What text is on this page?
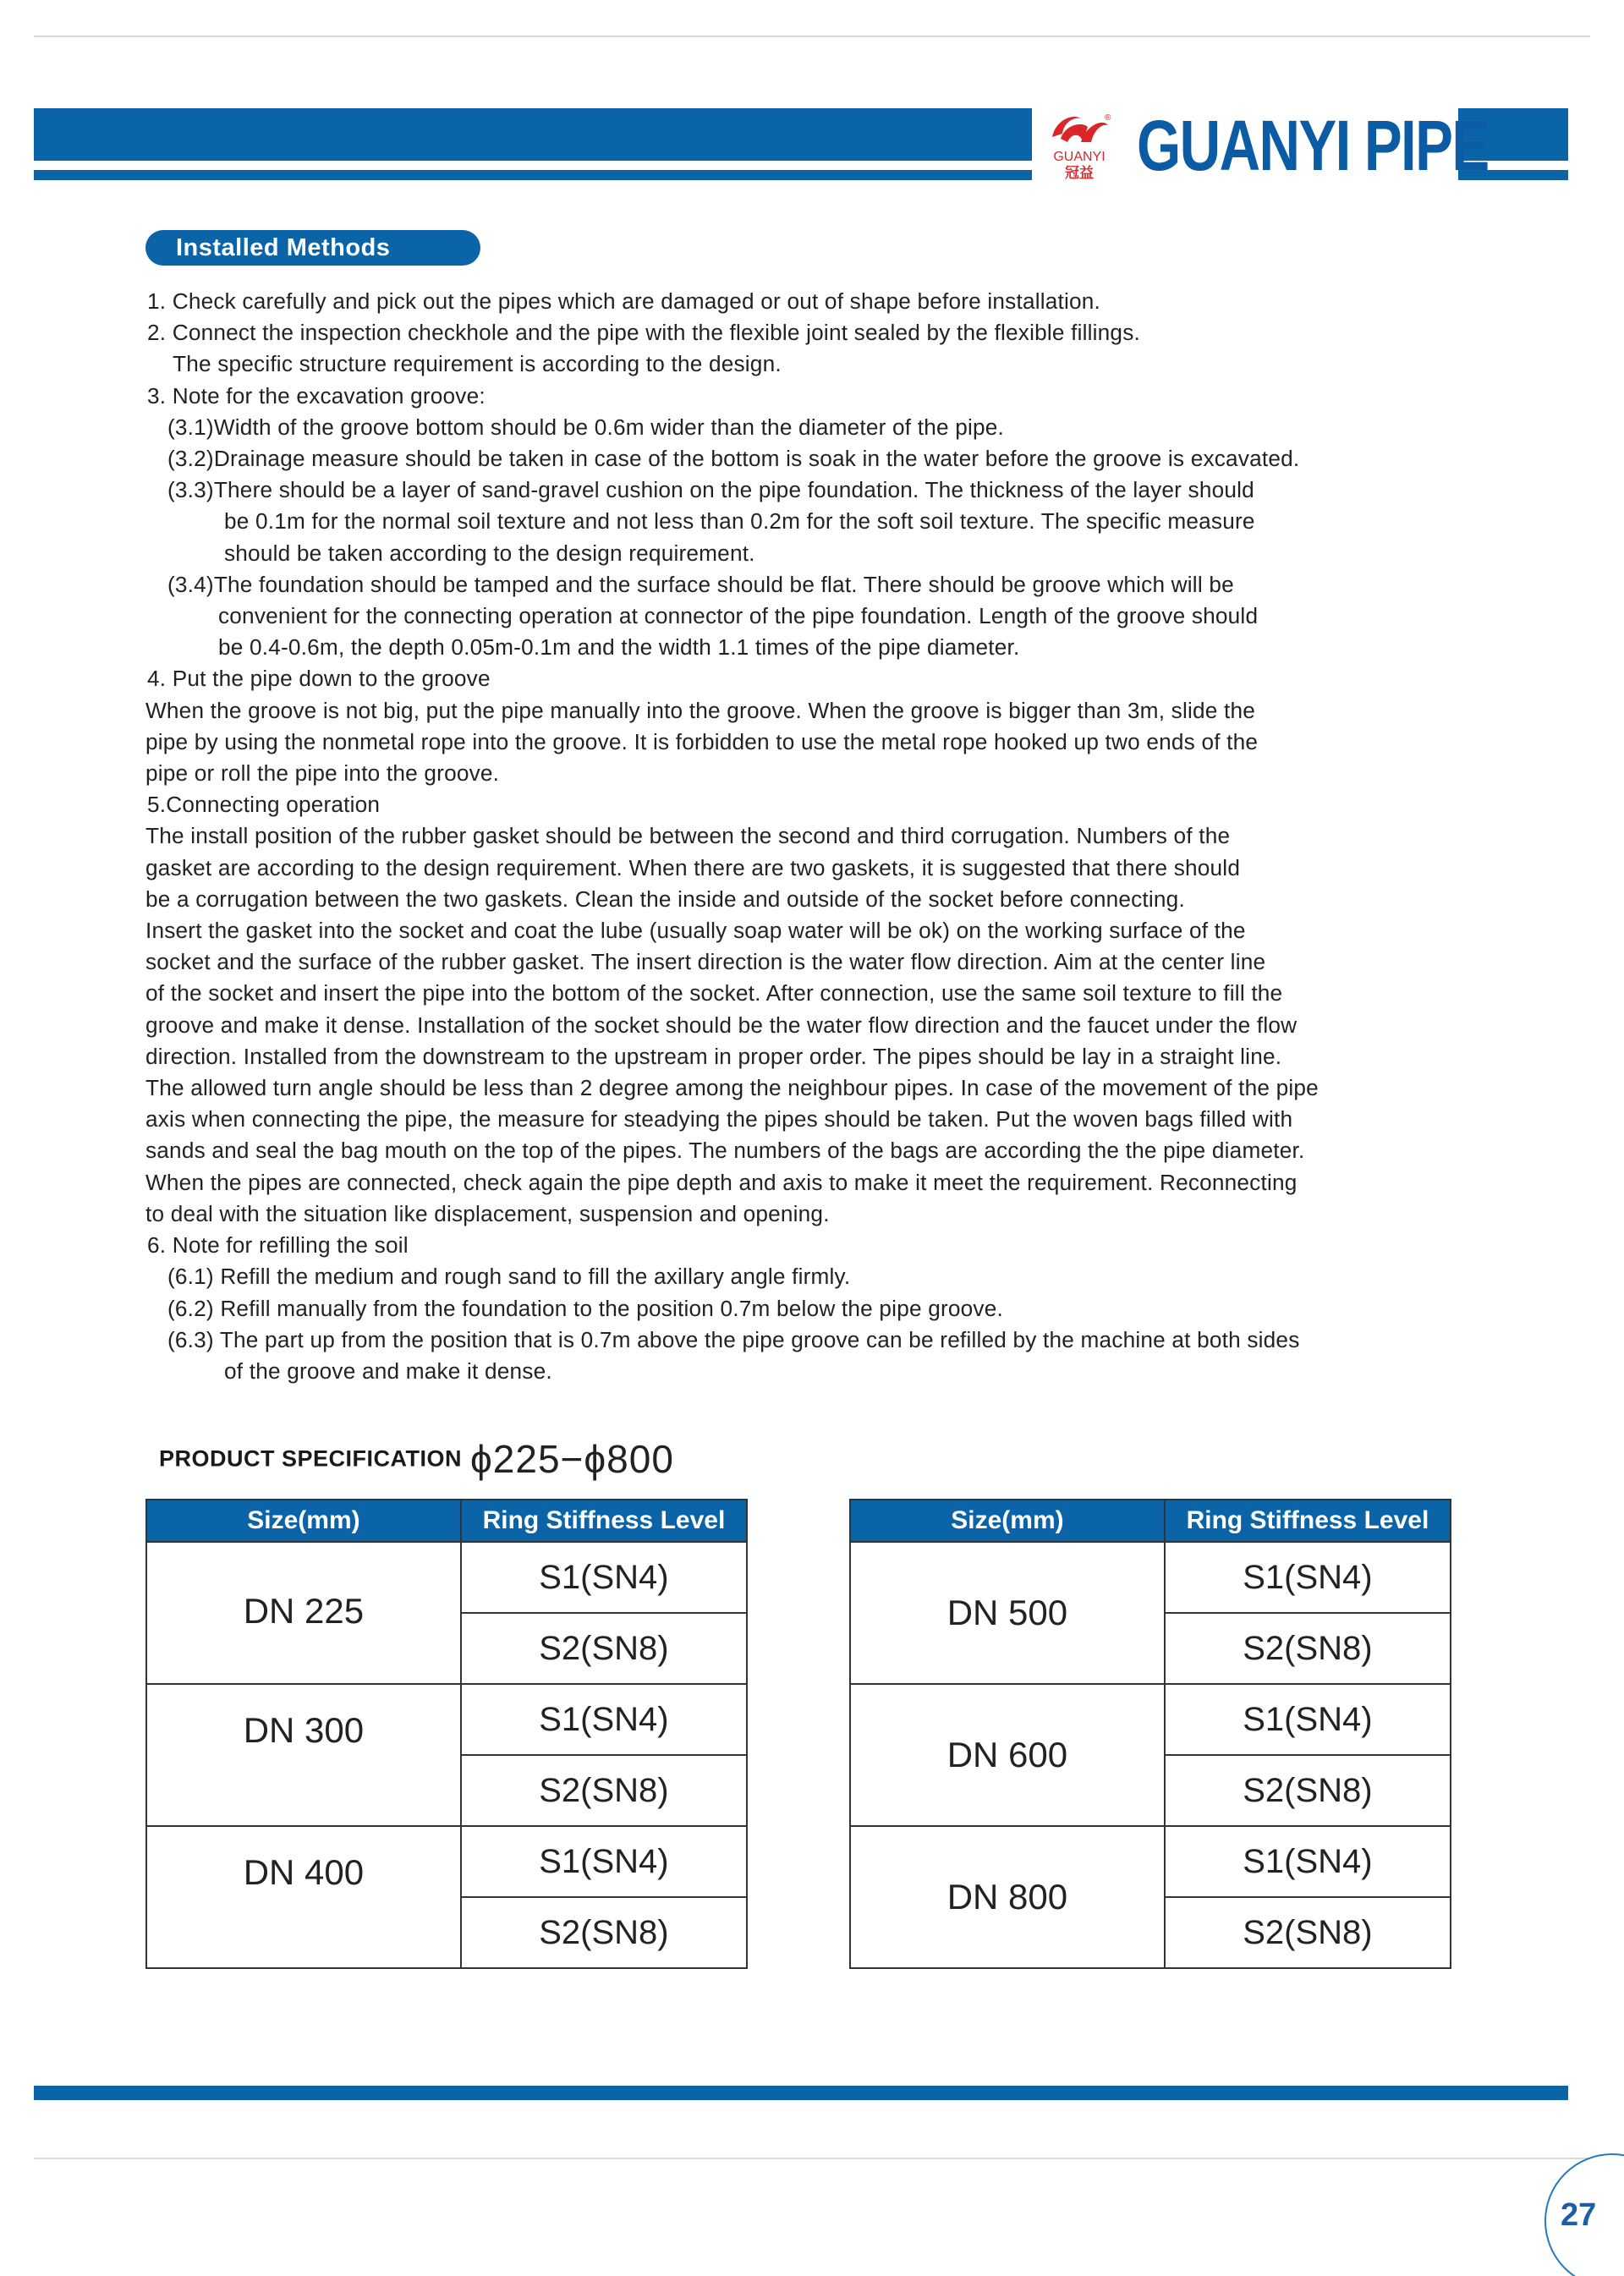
®
GUANYI
冠益 GUANYI PIPE
Installed Methods

1. Check carefully and pick out the pipes which are damaged or out of shape before installation.

2. Connect the inspection checkhole and the pipe with the flexible joint sealed by the flexible fillings.

The specific structure requirement is according to the design.

3. Note for the excavation groove:

(3.1)Width of the groove bottom should be 0.6m wider than the diameter of the pipe.

(3.2)Drainage measure should be taken in case of the bottom is soak in the water before the groove is excavated.

(3.3)There should be a layer of sand-gravel cushion on the pipe foundation. The thickness of the layer should

be 0.1m for the normal soil texture and not less than 0.2m for the soft soil texture. The specific measure

should be taken according to the design requirement.

(3.4)The foundation should be tamped and the surface should be flat. There should be groove which will be

convenient for the connecting operation at connector of the pipe foundation. Length of the groove should

be 0.4-0.6m, the depth 0.05m-0.1m and the width 1.1 times of the pipe diameter.

4. Put the pipe down to the groove

When the groove is not big, put the pipe manually into the groove. When the groove is bigger than 3m, slide the

pipe by using the nonmetal rope into the groove. It is forbidden to use the metal rope hooked up two ends of the

pipe or roll the pipe into the groove.

5.Connecting operation

The install position of the rubber gasket should be between the second and third corrugation. Numbers of the

gasket are according to the design requirement. When there are two gaskets, it is suggested that there should

be a corrugation between the two gaskets. Clean the inside and outside of the socket before connecting.

Insert the gasket into the socket and coat the lube (usually soap water will be ok) on the working surface of the

socket and the surface of the rubber gasket. The insert direction is the water flow direction. Aim at the center line

of the socket and insert the pipe into the bottom of the socket. After connection, use the same soil texture to fill the

groove and make it dense. Installation of the socket should be the water flow direction and the faucet under the flow

direction. Installed from the downstream to the upstream in proper order. The pipes should be lay in a straight line.

The allowed turn angle should be less than 2 degree among the neighbour pipes. In case of the movement of the pipe

axis when connecting the pipe, the measure for steadying the pipes should be taken. Put the woven bags filled with

sands and seal the bag mouth on the top of the pipes. The numbers of the bags are according the the pipe diameter.

When the pipes are connected, check again the pipe depth and axis to make it meet the requirement. Reconnecting

to deal with the situation like displacement, suspension and opening.

6. Note for refilling the soil

(6.1) Refill the medium and rough sand to fill the axillary angle firmly.

(6.2) Refill manually from the foundation to the position 0.7m below the pipe groove.

(6.3) The part up from the position that is 0.7m above the pipe groove can be refilled by the machine at both sides

of the groove and make it dense.

PRODUCT SPECIFICATION ϕ225−ϕ800
Size(mm)	Ring Stiffness Level
DN 225	S1(SN4)
	S2(SN8)
DN 300	S1(SN4)
	S2(SN8)
DN 400	S1(SN4)
	S2(SN8)
Size(mm)	Ring Stiffness Level
DN 500	S1(SN4)
	S2(SN8)
DN 600	S1(SN4)
	S2(SN8)
DN 800	S1(SN4)
	S2(SN8)
27
